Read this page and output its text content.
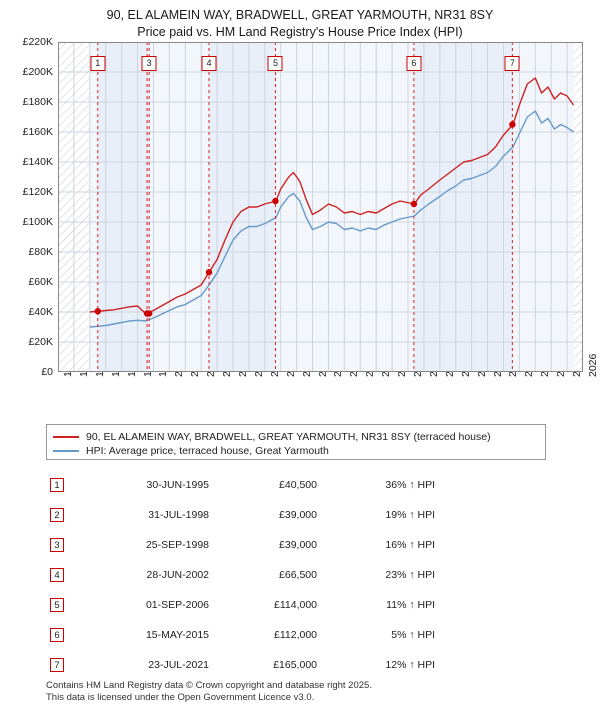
90, EL ALAMEIN WAY, BRADWELL, GREAT YARMOUTH, NR31 8SY
Price paid vs. HM Land Registry's House Price Index (HPI)
£0
£20K
£40K
£60K
£80K
£100K
£120K
£140K
£160K
£180K
£200K
£220K
2026
1	3	4	5	6	7
90, EL ALAMEIN WAY, BRADWELL, GREAT YARMOUTH, NR31 8SY (terraced house)
HPI: Average price, terraced house, Great Yarmouth
1	30-JUN-1995	£40,500	36% ↑ HPI
2	31-JUL-1998	£39,000	19% ↑ HPI
3	25-SEP-1998	£39,000	16% ↑ HPI
4	28-JUN-2002	£66,500	23% ↑ HPI
5	01-SEP-2006	£114,000	11% ↑ HPI
6	15-MAY-2015	£112,000	5% ↑ HPI
7	23-JUL-2021	£165,000	12% ↑ HPI
Contains HM Land Registry data © Crown copyright and database right 2025.
This data is licensed under the Open Government Licence v3.0.
